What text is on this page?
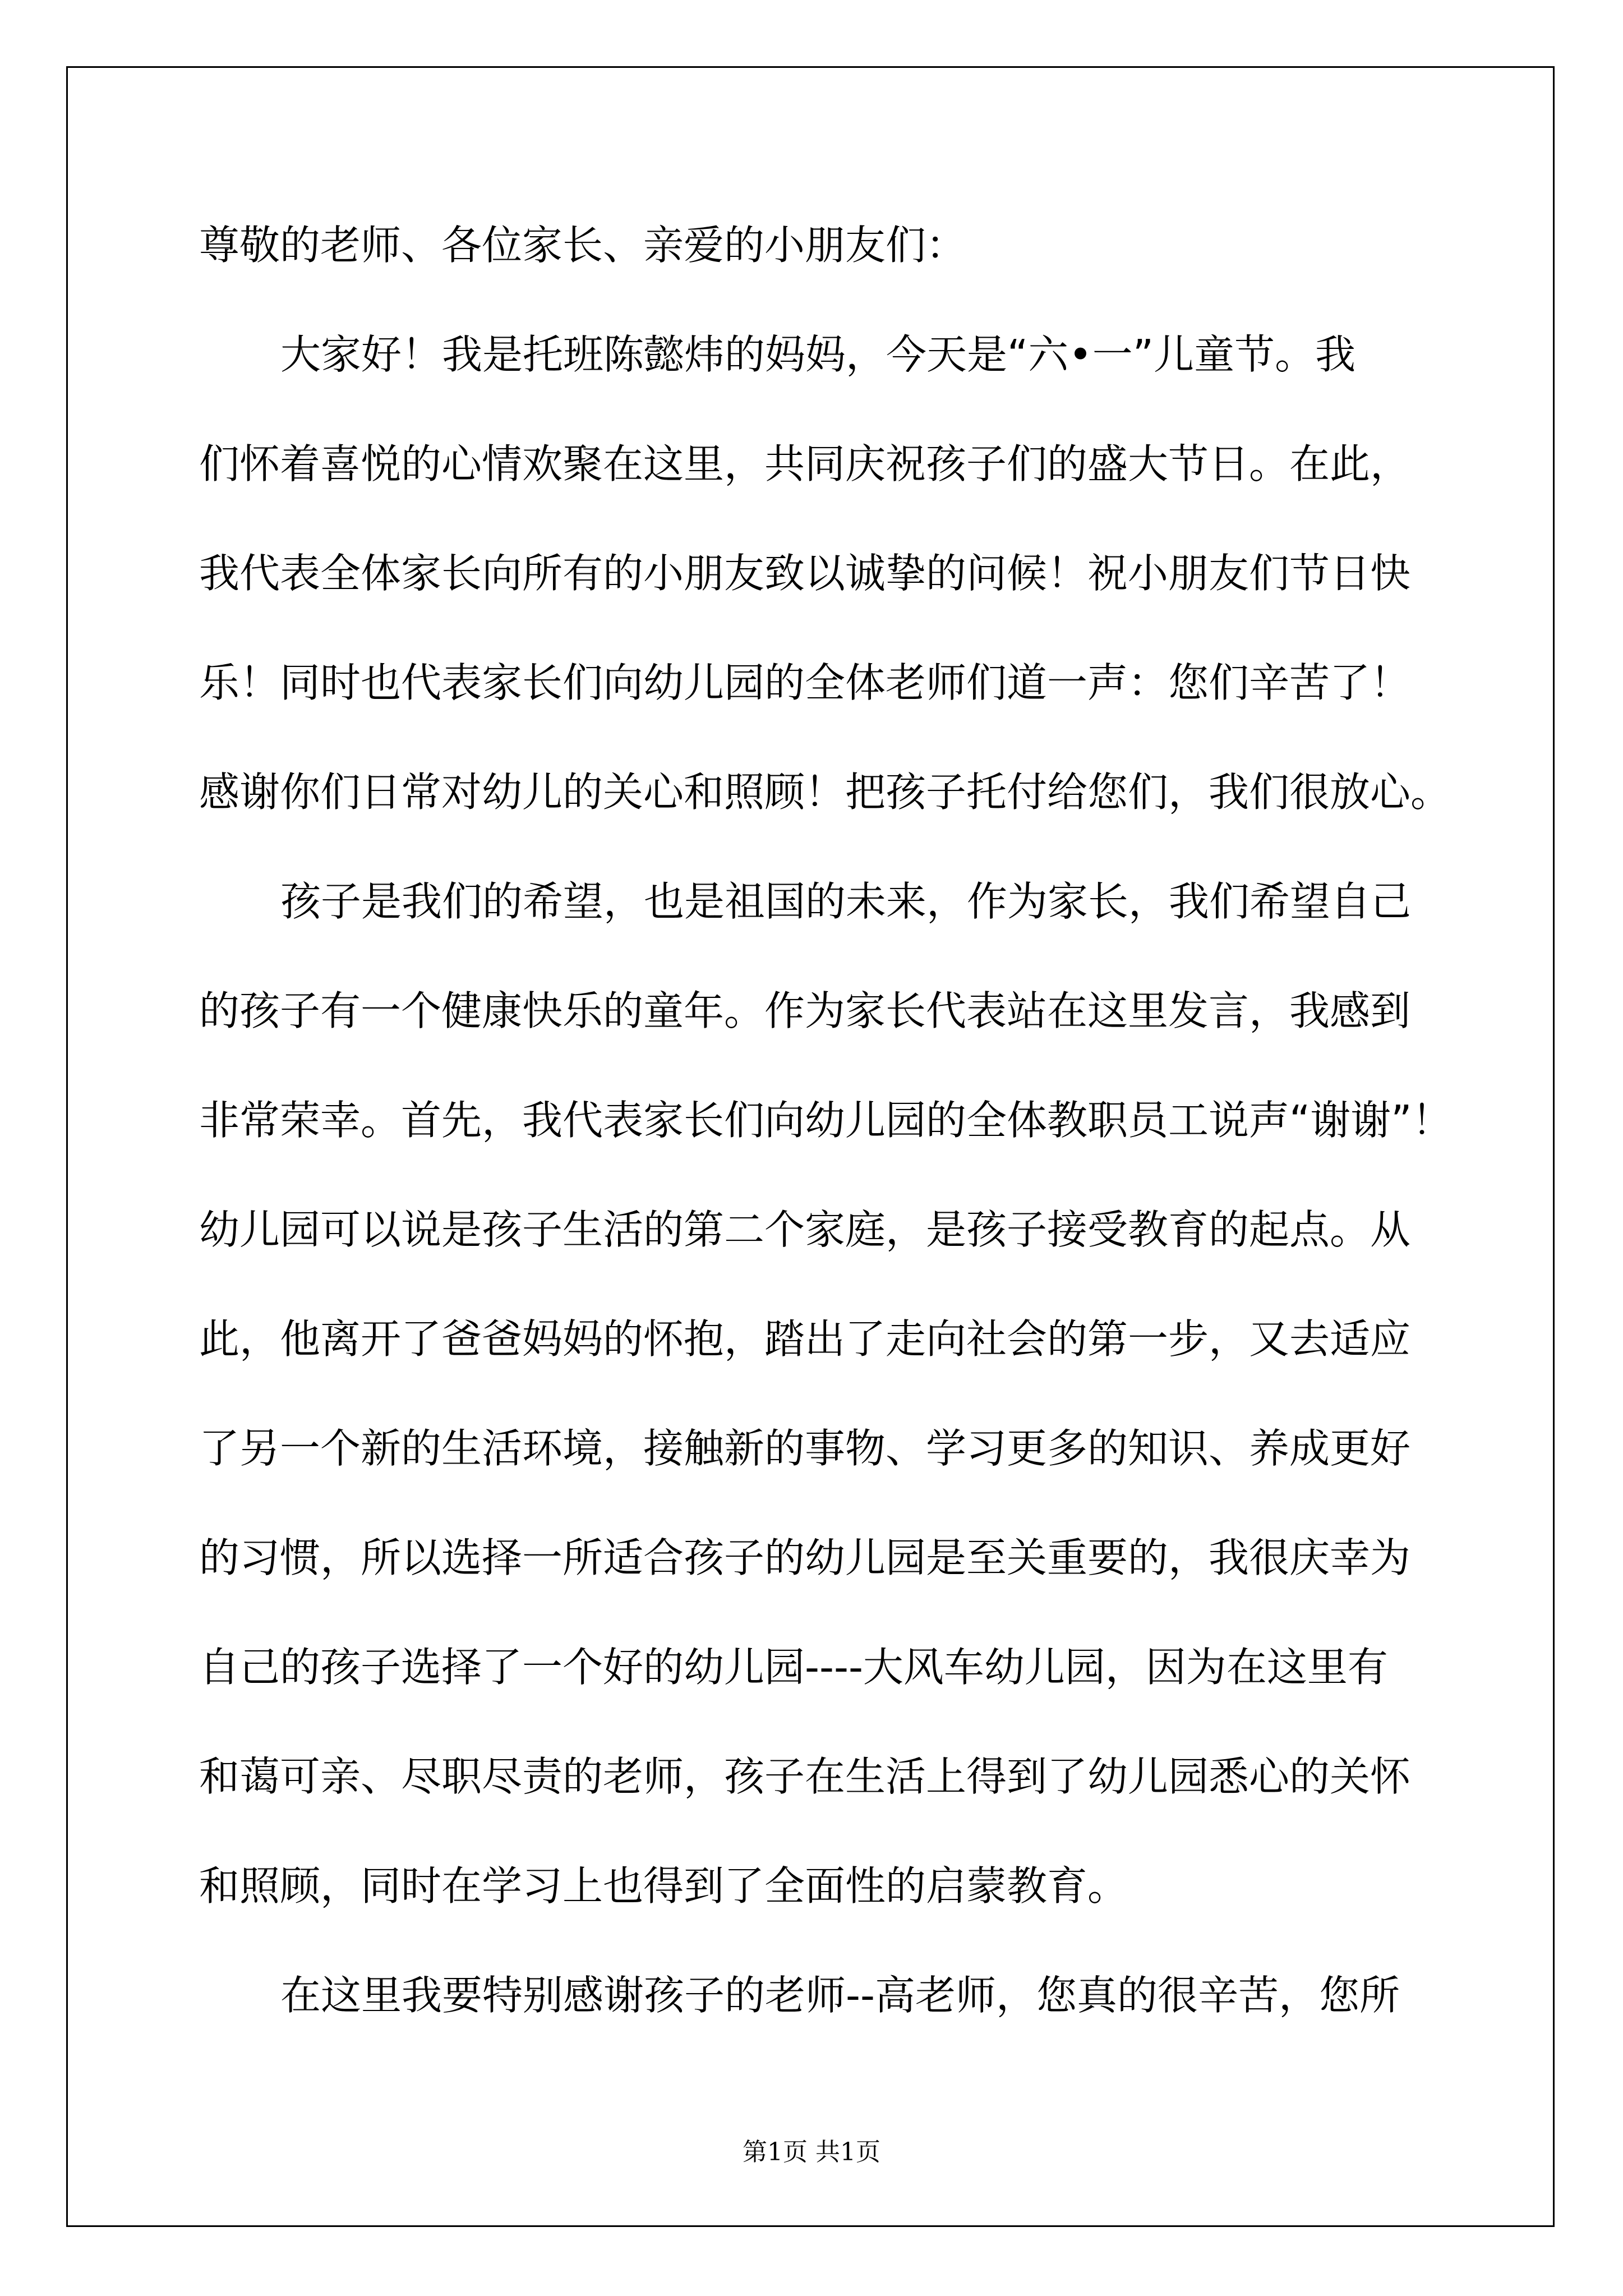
尊敬的老师、各位家长、亲爱的小朋友们：
大家好！我是托班陈懿炜的妈妈，今天是“六•一”儿童节。我
们怀着喜悦的心情欢聚在这里，共同庆祝孩子们的盛大节日。在此，
我代表全体家长向所有的小朋友致以诚挚的问候！祝小朋友们节日快
乐！同时也代表家长们向幼儿园的全体老师们道一声：您们辛苦了！
感谢你们日常对幼儿的关心和照顾！把孩子托付给您们，我们很放心。
孩子是我们的希望，也是祖国的未来，作为家长，我们希望自己
的孩子有一个健康快乐的童年。作为家长代表站在这里发言，我感到
非常荣幸。首先，我代表家长们向幼儿园的全体教职员工说声“谢谢”！
幼儿园可以说是孩子生活的第二个家庭，是孩子接受教育的起点。从
此，他离开了爸爸妈妈的怀抱，踏出了走向社会的第一步，又去适应
了另一个新的生活环境，接触新的事物、学习更多的知识、养成更好
的习惯，所以选择一所适合孩子的幼儿园是至关重要的，我很庆幸为
自己的孩子选择了一个好的幼儿园----大风车幼儿园，因为在这里有
和蔼可亲、尽职尽责的老师，孩子在生活上得到了幼儿园悉心的关怀
和照顾，同时在学习上也得到了全面性的启蒙教育。
在这里我要特别感谢孩子的老师--高老师，您真的很辛苦，您所
第1页 共1页
